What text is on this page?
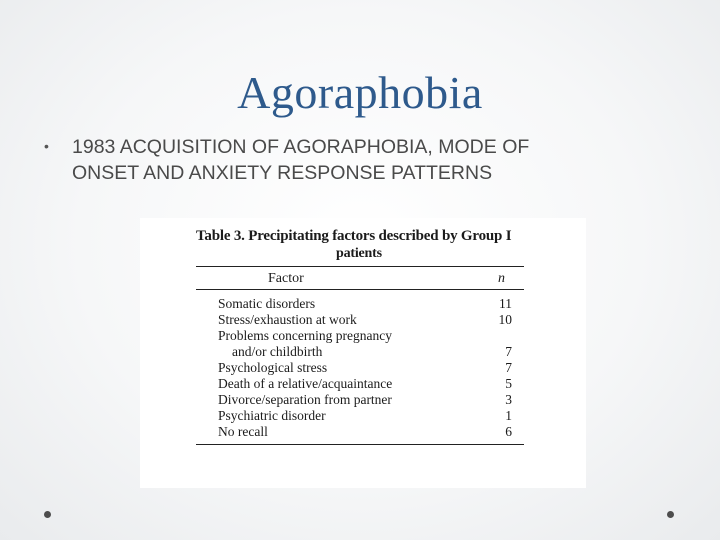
Agoraphobia
• 1983 ACQUISITION OF AGORAPHOBIA, MODE OF
ONSET AND ANXIETY RESPONSE PATTERNS
Table 3. Precipitating factors described by Group I
patients
Factor	n
Somatic disorders	11
Stress/exhaustion at work	10
Problems concerning pregnancy
and/or childbirth	7
Psychological stress	7
Death of a relative/acquaintance	5
Divorce/separation from partner	3
Psychiatric disorder	1
No recall	6
